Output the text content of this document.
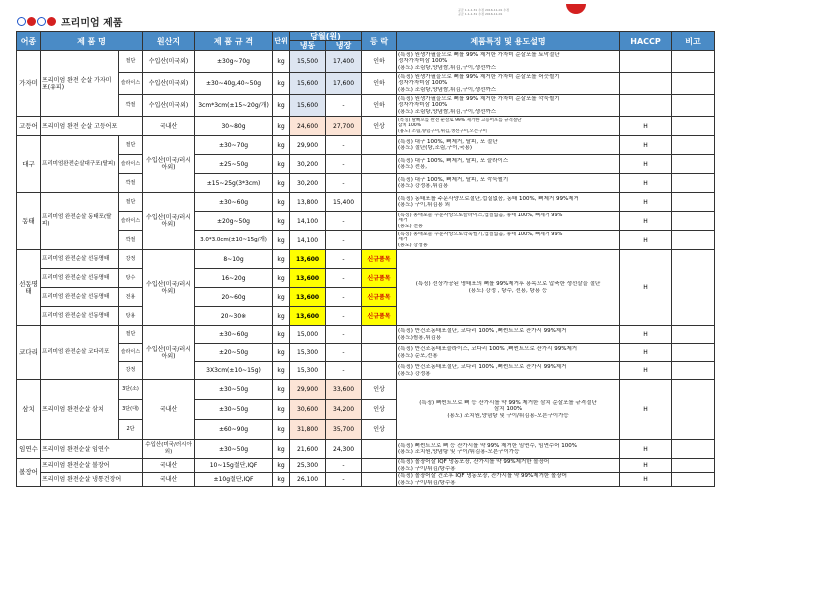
프리미엄 제품
공급 1.1-1.31 수정 2016-11-01 수정
공급 1.1-1.31 수정 2016-11-01
어종	제 품 명		원산지	제 품 규 격	단위	당월(원)		등 락	제품특징 및 용도설명	HACCP	비고
						냉동	냉장				
가자미	프리미엄 완전 순살 가자미포(유피)	절단	수입산(미국외)	±30g~70g	kg	15,500	17,400	인하	(특징) 원생가필을으로 뼈를 99% 제거한 가자미 순살포를 토막절단
정자가자미삼 100%
(용도) 조림탕,양념쌈,튀김,구이,생선까스		

		슬라이스	수입산(미국외)	±30~40g,40~50g	kg	15,600	17,600	인하	(특징) 원생가필을으로 뼈를 99% 제거한 가자미 순살포를 어슷썰기
정자가자미삼 100%
(용도) 조림탕,양념쌈,튀김,구이,생선까스		

		깍절	수입산(미국외)	3cm*3cm(±15~20g/개)	kg	15,600	-	인하	(특징) 원생가필을으로 뼈를 99% 제거한 가자미 순살포를 깍둑썰기
정자가자미삼 100%
(용도) 조림탕,양념쌈,튀김,구이,생선까스		

고등어	프리미엄 완전 순살 고등어포		국내산	30~80g	kg	24,600	27,700	인상	(특징) 탈뼈포를 완전 순살로 99% 제거한 고등어포를 규격절단
삼치 100%
(용도) 조림,양념구이,튀김,생선구이,오븐구이	H	
대구	프리미엄완전순살대구포(탈피)	절단	수입산(미국/러시아외)	±30~70g	kg	29,900	-		(특징) 대구 100%, 뼈제거, 탈피, 포 절단
(용도) 절단(탕,조림,구이,국용)	H	
		슬라이스		±25~50g	kg	30,200	-		(특징) 대구 100%, 뼈제거, 탈피, 포 슬라이스
(용도) 전용,	H	
		깍절		±15~25g(3*3cm)	kg	30,200	-		(특징) 대구 100%, 뼈제거, 탈피, 포 깍둑썰기
(용도) 강정용,튀김용	H	
동태	프리미엄 완전순살 동태포(탈피)	절단	수입산(미국/러시아외)	±30~60g	kg	13,800	15,400		(특징) 동태포를 주문사양으로절단,껍질없음, 동태 100%, 뼈제거 99%제거
(용도) 구이,튀김용 외	H	
		슬라이스		±20g~50g	kg	14,100	-		(특징) 동태포를 주문사양으로슬라이스,껍질없음, 동태 100%, 뼈제거 99%
제거
(용도) 전용	H	
		깍절		3.0*3.0cm(±10~15g/개)	kg	14,100	-		(특징) 동태포를 주문사양으로깍둑썰기,껍질없음, 동태 100%, 뼈제거 99%
제거
(용도) 강정용	H	
선동명태	프리미엄 완전순살 선동명태	강정	수입산(미국/러시아외)	8~10g	kg	13,600	-	신규품목	(특징) 선상가공된 명태포의 뼈를 99%제거후 용목으로 압축한 생선살을 절단
(용도) 강정 , 탕수, 전용, 탕용 등	H	
	프리미엄 완전순살 선동명태	탕수		16~20g	kg	13,600	-	신규품목			
	프리미엄 완전순살 선동명태	전용		20~60g	kg	13,600	-	신규품목			
	프리미엄 완전순살 선동명태	탕용		20~30※	kg	13,600	-	신규품목			
코다리	프리미엄 완전순살 코다리포	절단	수입산(미국/러시아외)	±30~60g	kg	15,000	-		(특징) 반건조동태포절단, 코다리 100% ,뼈썬트으로 잔가시 99%제거
(용도)찜용,튀김용	H	
		슬라이스		±20~50g	kg	15,300	-		(특징) 반건조동태포슬라이스, 코다리 100% ,뼈썬트으로 잔가시 99%제거
(용도) 순포,전용	H	
		강정		3X3cm(±10~15g)	kg	15,300	-		(특징) 반건조동태포절단, 코다리 100% ,뼈썬트으로 잔가시 99%제거
(용도) 강정용	H	
삼치	프리미엄 완전순살 삼치	3단(소)	국내산	±30~50g	kg	29,900	33,600	인상	(특징) 뼈썬트으로 뼈 등 잔가시를 약 99% 제거한 삼치 순살포를 규격절단
삼치 100%
(용도) 조치원,양념탕 및 구이/튀김용-오븐구이가능	H	
		3단(대)		±30~50g	kg	30,600	34,200	인상			
		2단		±60~90g	kg	31,800	35,700	인상			
임연수	프리미엄 완전순살 임연수		수입산(미국/러시아외)	±30~50g	kg	21,600	24,300		(특징) 뼈썬트으로 뼈 등 잔가시를 약 99% 제거한 임연수, 임연수어 100%
(용도) 조치원,양념탕 및 구이/튀김용-오븐구이가능	H	
볼장어	프리미엄 완전순살 볼장어		국내산	10~15g절단,IQF	kg	25,300	-		(특징) 볼장어살 IQF 냉동포장, 잔가시를 약 99%제거한 볼장어
(용도) 구이/튀김/탕수용	H	
	프리미엄 완전순살 냉통건장어		국내산	±10g절단,IQF	kg	26,100	-		(특징) 볼장어살 건조후 IQF 냉동포장, 잔가시를 약 99%제거한 볼장어
(용도) 구이/튀김/탕수용	H	
